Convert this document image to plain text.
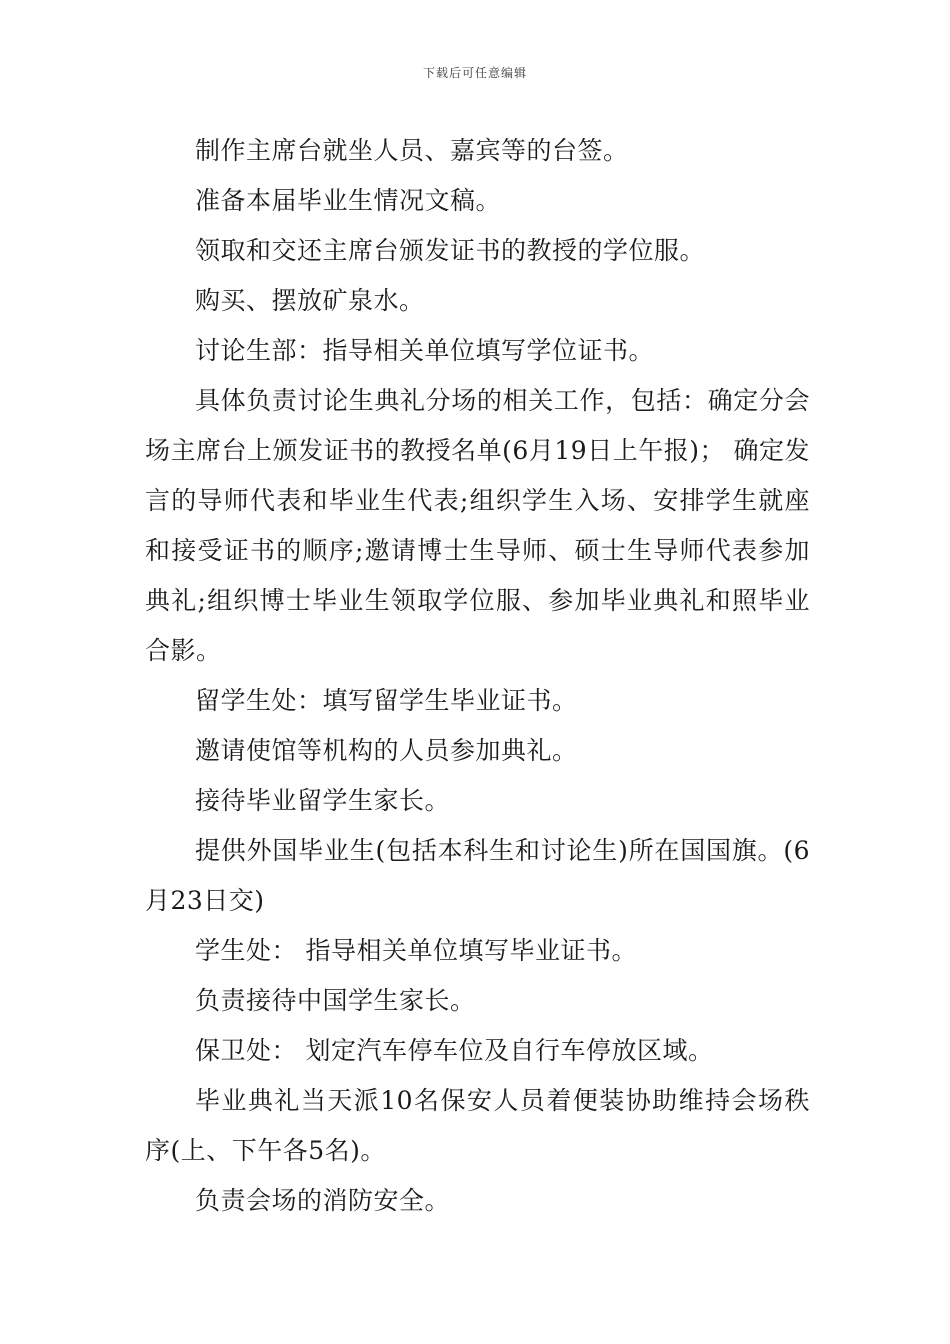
下载后可任意编辑

制作主席台就坐人员、嘉宾等的台签。

准备本届毕业生情况文稿。

领取和交还主席台颁发证书的教授的学位服。

购买、摆放矿泉水。

讨论生部：指导相关单位填写学位证书。

具体负责讨论生典礼分场的相关工作，包括：确定分会场主席台上颁发证书的教授名单(6月19日上午报)； 确定发言的导师代表和毕业生代表;组织学生入场、安排学生就座和接受证书的顺序;邀请博士生导师、硕士生导师代表参加典礼;组织博士毕业生领取学位服、参加毕业典礼和照毕业合影。

留学生处：填写留学生毕业证书。

邀请使馆等机构的人员参加典礼。

接待毕业留学生家长。

提供外国毕业生(包括本科生和讨论生)所在国国旗。(6月23日交)

学生处： 指导相关单位填写毕业证书。

负责接待中国学生家长。

保卫处： 划定汽车停车位及自行车停放区域。

毕业典礼当天派10名保安人员着便装协助维持会场秩序(上、下午各5名)。

负责会场的消防安全。
